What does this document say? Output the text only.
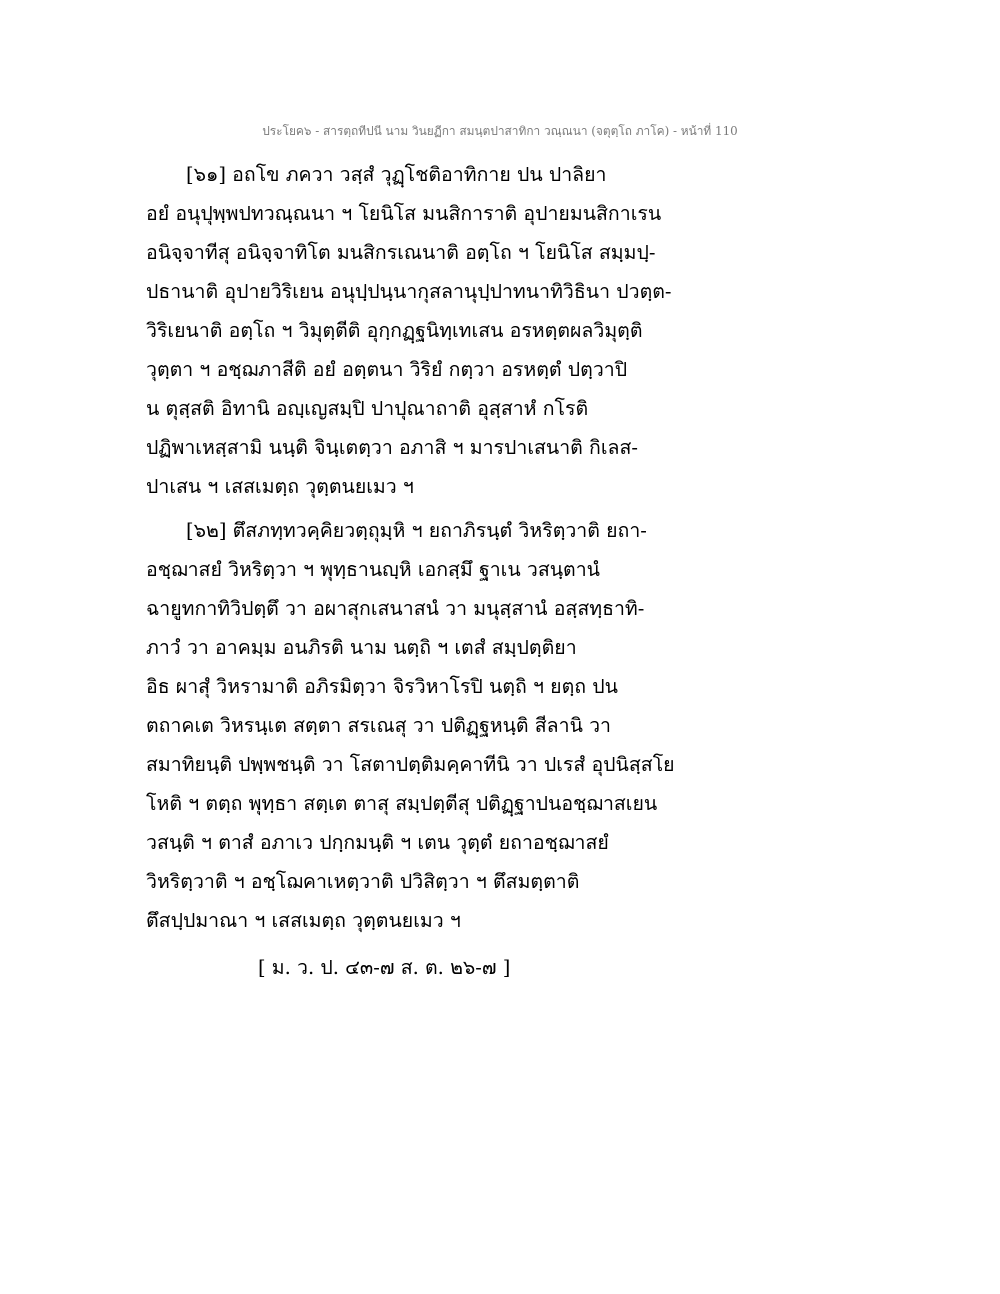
ประโยค๖ - สารตฺถทีปนี นาม วินยฏีกา สมนฺตปาสาทิกา วณฺณนา (จตุตฺโถ ภาโค) - หน้าที่ 110
[๖๑] อถโข ภควา วสฺสํ วุฏฺโชติอาทิกาย ปน ปาลิยา
อยํ อนุปุพฺพปทวณฺณนา ฯ โยนิโส มนสิการาติ อุปายมนสิกาเรน
อนิจฺจาทีสุ อนิจฺจาทิโต มนสิกรเณนาติ อตฺโถ ฯ โยนิโส สมฺมปฺ-
ปธานาติ อุปายวิริเยน อนุปฺปนฺนากุสลานุปฺปาทนาทิวิธินา ปวตฺต-
วิริเยนาติ อตฺโถ ฯ วิมุตฺตีติ อุกฺกฏฺฐนิทฺเทเสน อรหตฺตผลวิมุตฺติ
วุตฺตา ฯ อชฺฌภาสีติ อยํ อตฺตนา วิริยํ กตฺวา อรหตฺตํ ปตฺวาปิ
น ตุสฺสติ อิทานิ อญฺเญสมฺปิ ปาปุณาถาติ อุสฺสาหํ กโรติ
ปฏิพาเหสฺสามิ นนฺติ จินฺเตตฺวา อภาสิ ฯ มารปาเสนาติ กิเลส-
ปาเสน ฯ เสสเมตฺถ วุตฺตนยเมว ฯ
[๖๒] ตึสภทฺทวคฺคิยวตฺถุมฺหิ ฯ ยถาภิรนฺตํ วิหริตฺวาติ ยถา-
อชฺฌาสยํ วิหริตฺวา ฯ พุทฺธานญฺหิ เอกสฺมึ ฐาเน วสนฺตานํ
ฉายูทกาทิวิปตฺตึ วา อผาสุกเสนาสนํ วา มนุสฺสานํ อสฺสทฺธาทิ-
ภาวํ วา อาคมฺม อนภิรติ นาม นตฺถิ ฯ เตสํ สมฺปตฺติยา
อิธ ผาสุํ วิหรามาติ อภิรมิตฺวา จิรวิหาโรปิ นตฺถิ ฯ ยตฺถ ปน
ตถาคเต วิหรนฺเต สตฺตา สรเณสุ วา ปติฏฺฐหนฺติ สีลานิ วา
สมาทิยนฺติ ปพฺพชนฺติ วา โสตาปตฺติมคฺคาทีนิ วา ปเรสํ อุปนิสฺสโย
โหติ ฯ ตตฺถ พุทฺธา สตฺเต ตาสุ สมฺปตฺตีสุ ปติฏฺฐาปนอชฺฌาสเยน
วสนฺติ ฯ ตาสํ อภาเว ปกฺกมนฺติ ฯ เตน วุตฺตํ ยถาอชฺฌาสยํ
วิหริตฺวาติ ฯ อชฺโฌคาเหตฺวาติ ปวิสิตฺวา ฯ ตึสมตฺตาติ
ตึสปฺปมาณา ฯ เสสเมตฺถ วุตฺตนยเมว ฯ
[ ม. ว. ป. ๔๓-๗ ส. ต. ๒๖-๗ ]
